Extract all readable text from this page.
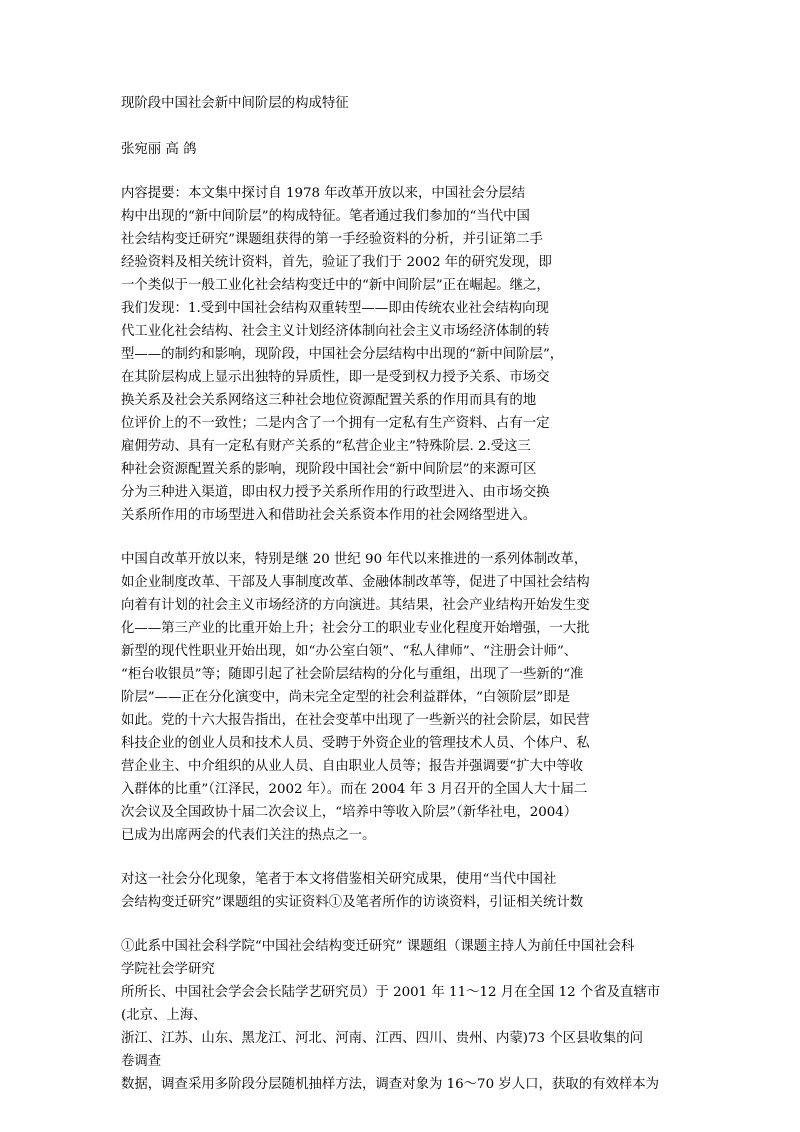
现阶段中国社会新中间阶层的构成特征
张宛丽 高 鸽
内容提要：本文集中探讨自 1978 年改革开放以来，中国社会分层结
构中出现的“新中间阶层”的构成特征。笔者通过我们参加的“当代中国
社会结构变迁研究”课题组获得的第一手经验资料的分析，并引证第二手
经验资料及相关统计资料，首先，验证了我们于 2002 年的研究发现，即
一个类似于一般工业化社会结构变迁中的“新中间阶层”正在崛起。继之，
我们发现：1.受到中国社会结构双重转型——即由传统农业社会结构向现
代工业化社会结构、社会主义计划经济体制向社会主义市场经济体制的转
型——的制约和影响，现阶段，中国社会分层结构中出现的“新中间阶层”，
在其阶层构成上显示出独特的异质性，即一是受到权力授予关系、市场交
换关系及社会关系网络这三种社会地位资源配置关系的作用而具有的地
位评价上的不一致性；二是内含了一个拥有一定私有生产资料、占有一定
雇佣劳动、具有一定私有财产关系的“私营企业主”特殊阶层. 2.受这三
种社会资源配置关系的影响，现阶段中国社会“新中间阶层”的来源可区
分为三种进入渠道，即由权力授予关系所作用的行政型进入、由市场交换
关系所作用的市场型进入和借助社会关系资本作用的社会网络型进入。
中国自改革开放以来，特别是继 20 世纪 90 年代以来推进的一系列体制改革，
如企业制度改革、干部及人事制度改革、金融体制改革等，促进了中国社会结构
向着有计划的社会主义市场经济的方向演进。其结果，社会产业结构开始发生变
化——第三产业的比重开始上升；社会分工的职业专业化程度开始增强，一大批
新型的现代性职业开始出现，如“办公室白领”、“私人律师”、“注册会计师”、
“柜台收银员”等；随即引起了社会阶层结构的分化与重组，出现了一些新的“准
阶层”——正在分化演变中，尚未完全定型的社会利益群体，“白领阶层”即是
如此。党的十六大报告指出，在社会变革中出现了一些新兴的社会阶层，如民营
科技企业的创业人员和技术人员、受聘于外资企业的管理技术人员、个体户、私
营企业主、中介组织的从业人员、自由职业人员等；报告并强调要“扩大中等收
入群体的比重”（江泽民，2002 年）。而在 2004 年 3 月召开的全国人大十届二
次会议及全国政协十届二次会议上，“培养中等收入阶层”（新华社电，2004）
已成为出席两会的代表们关注的热点之一。
对这一社会分化现象，笔者于本文将借鉴相关研究成果，使用“当代中国社
会结构变迁研究”课题组的实证资料①及笔者所作的访谈资料，引证相关统计数
①此系中国社会科学院“中国社会结构变迁研究” 课题组（课题主持人为前任中国社会科
学院社会学研究
所所长、中国社会学会会长陆学艺研究员）于 2001 年 11～12 月在全国 12 个省及直辖市
(北京、上海、
浙江、江苏、山东、黑龙江、河北、河南、江西、四川、贵州、内蒙)73 个区县收集的问
卷调查
数据，调查采用多阶段分层随机抽样方法，调查对象为 16～70 岁人口，获取的有效样本为
